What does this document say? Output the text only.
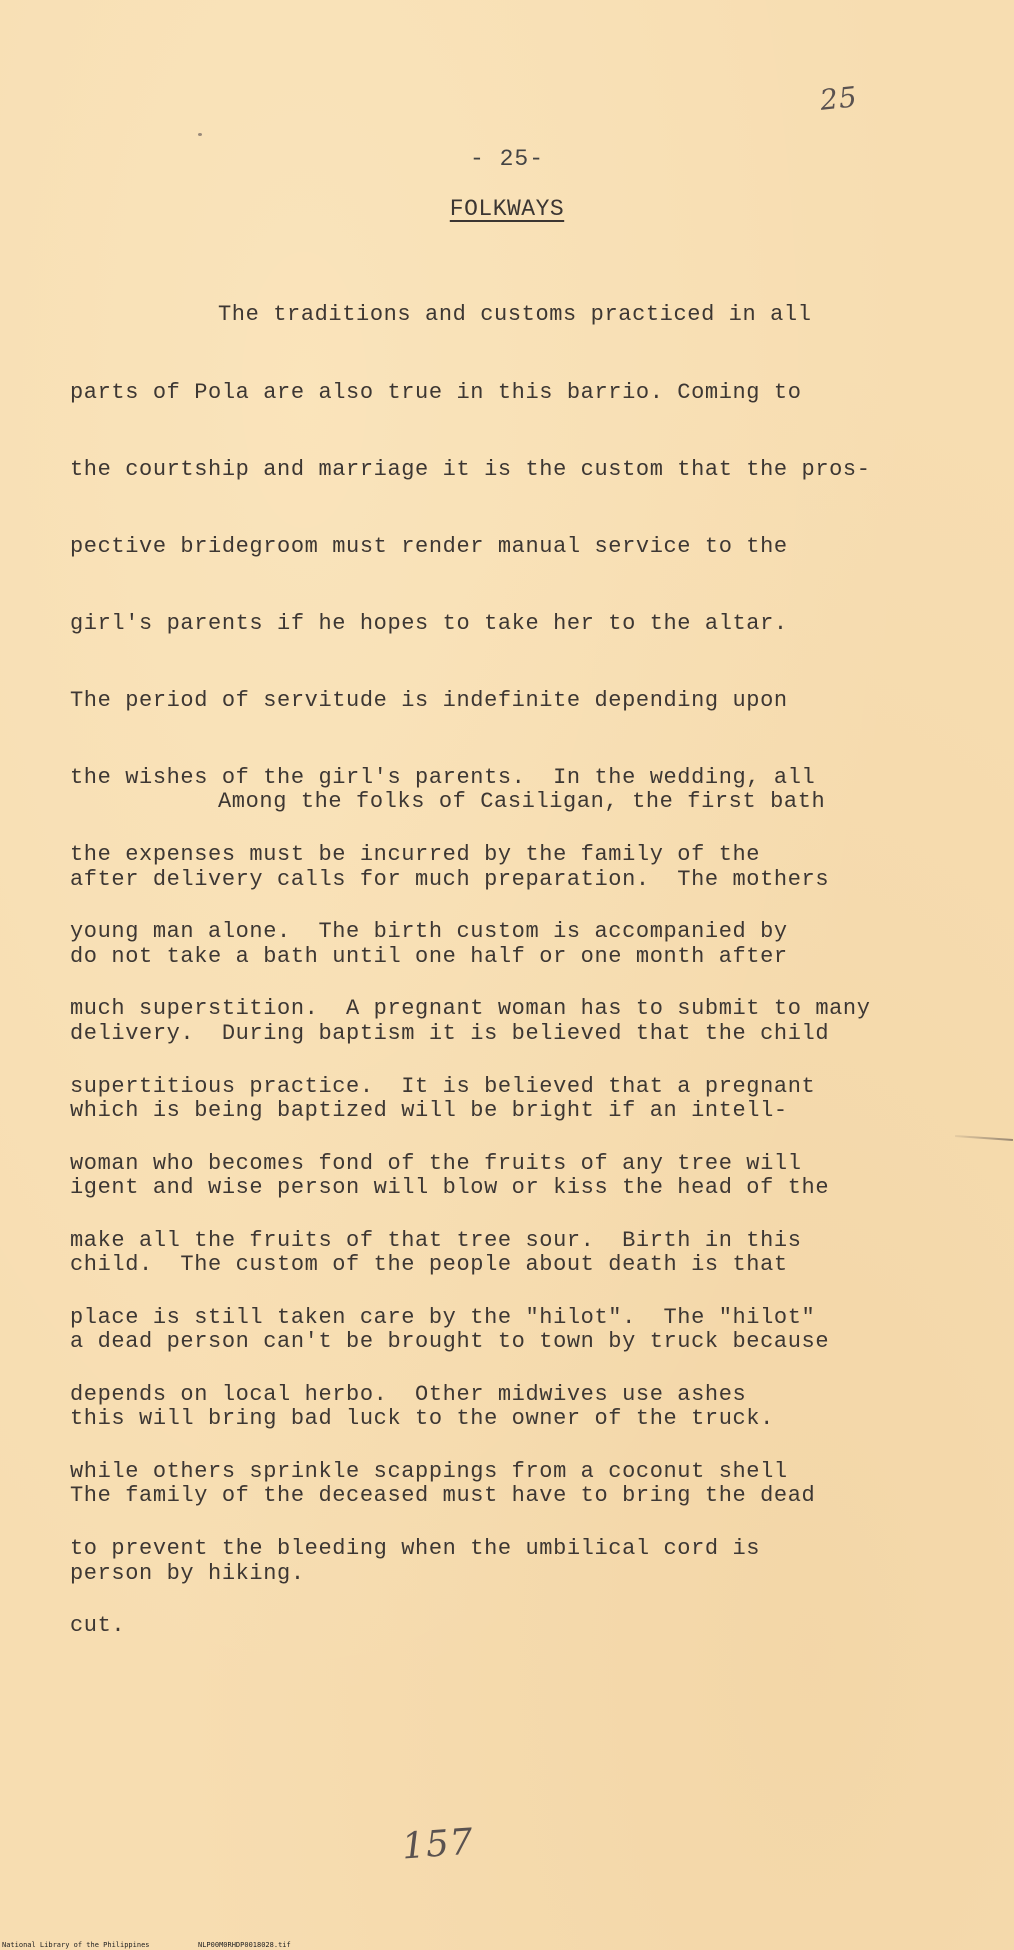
25
- 25-
FOLKWAYS

The traditions and customs practiced in all

parts of Pola are also true in this barrio. Coming to

the courtship and marriage it is the custom that the pros-

pective bridegroom must render manual service to the

girl's parents if he hopes to take her to the altar.

The period of servitude is indefinite depending upon

the wishes of the girl's parents.  In the wedding, all

the expenses must be incurred by the family of the

young man alone.  The birth custom is accompanied by

much superstition.  A pregnant woman has to submit to many

supertitious practice.  It is believed that a pregnant

woman who becomes fond of the fruits of any tree will

make all the fruits of that tree sour.  Birth in this

place is still taken care by the "hilot".  The "hilot"

depends on local herbo.  Other midwives use ashes

while others sprinkle scappings from a coconut shell

to prevent the bleeding when the umbilical cord is

cut.

Among the folks of Casiligan, the first bath

after delivery calls for much preparation.  The mothers

do not take a bath until one half or one month after

delivery.  During baptism it is believed that the child

which is being baptized will be bright if an intell-

igent and wise person will blow or kiss the head of the

child.  The custom of the people about death is that

a dead person can't be brought to town by truck because

this will bring bad luck to the owner of the truck.

The family of the deceased must have to bring the dead

person by hiking.

157
National Library of the Philippines	NLP00M0RHDP0018028.tif
